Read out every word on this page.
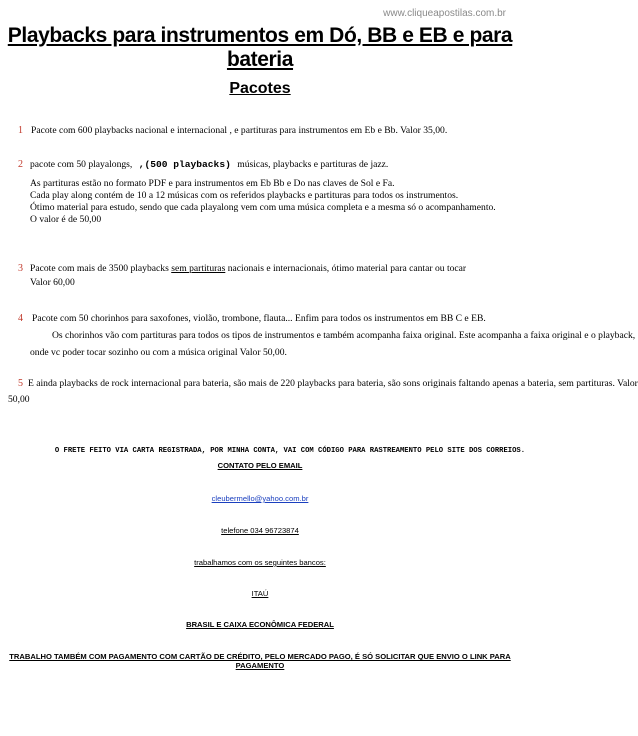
www.cliqueapostilas.com.br
Playbacks para instrumentos em Dó, BB e EB e para bateria
Pacotes
1 Pacote com 600 playbacks nacional e internacional , e partituras para instrumentos em Eb e Bb. Valor 35,00.
2 pacote com 50 playalongs, ,(500 playbacks) músicas, playbacks e partituras de jazz.
As partituras estão no formato PDF e para instrumentos em Eb Bb e Do nas claves de Sol e Fa.
Cada play along contém de 10 a 12 músicas com os referidos playbacks e partituras para todos os instrumentos.
Ótimo material para estudo, sendo que cada playalong vem com uma música completa e a mesma só o acompanhamento.
O valor é de 50,00
3 Pacote com mais de 3500 playbacks sem partituras nacionais e internacionais, ótimo material para cantar ou tocar
Valor 60,00
4 Pacote com 50 chorinhos para saxofones, violão, trombone, flauta... Enfim para todos os instrumentos em BB C e EB.
Os chorinhos vão com partituras para todos os tipos de instrumentos e também acompanha faixa original. Este acompanha a faixa original e o playback,
onde vc poder tocar sozinho ou com a música original Valor 50,00.
5 E ainda playbacks de rock internacional para bateria, são mais de 220 playbacks para bateria, são sons originais faltando apenas a bateria, sem partituras. Valor
50,00
O FRETE FEITO VIA CARTA REGISTRADA, POR MINHA CONTA, VAI COM CÓDIGO PARA RASTREAMENTO PELO SITE DOS CORREIOS.
CONTATO PELO EMAIL
cleubermello@yahoo.com.br
telefone 034 96723874
trabalhamos com os seguintes bancos:
ITAÚ
BRASIL E CAIXA ECONÔMICA FEDERAL
TRABALHO TAMBÉM COM PAGAMENTO COM CARTÃO DE CRÉDITO, PELO MERCADO PAGO, É SÓ SOLICITAR QUE ENVIO O LINK PARA PAGAMENTO
